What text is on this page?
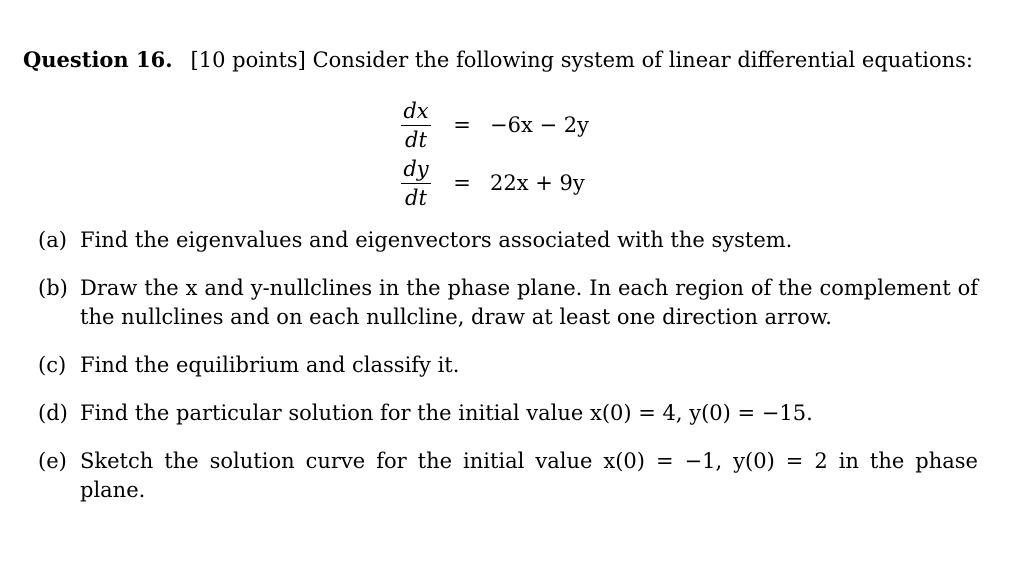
Question 16. [10 points] Consider the following system of linear differential equations:
$\frac{dx}{dt} = -6x - 2y$
$\frac{dy}{dt} = 22x + 9y$
(a) Find the eigenvalues and eigenvectors associated with the system.
(b) Draw the x and y-nullclines in the phase plane. In each region of the complement of the nullclines and on each nullcline, draw at least one direction arrow.
(c) Find the equilibrium and classify it.
(d) Find the particular solution for the initial value x(0) = 4, y(0) = −15.
(e) Sketch the solution curve for the initial value x(0) = −1, y(0) = 2 in the phase plane.
